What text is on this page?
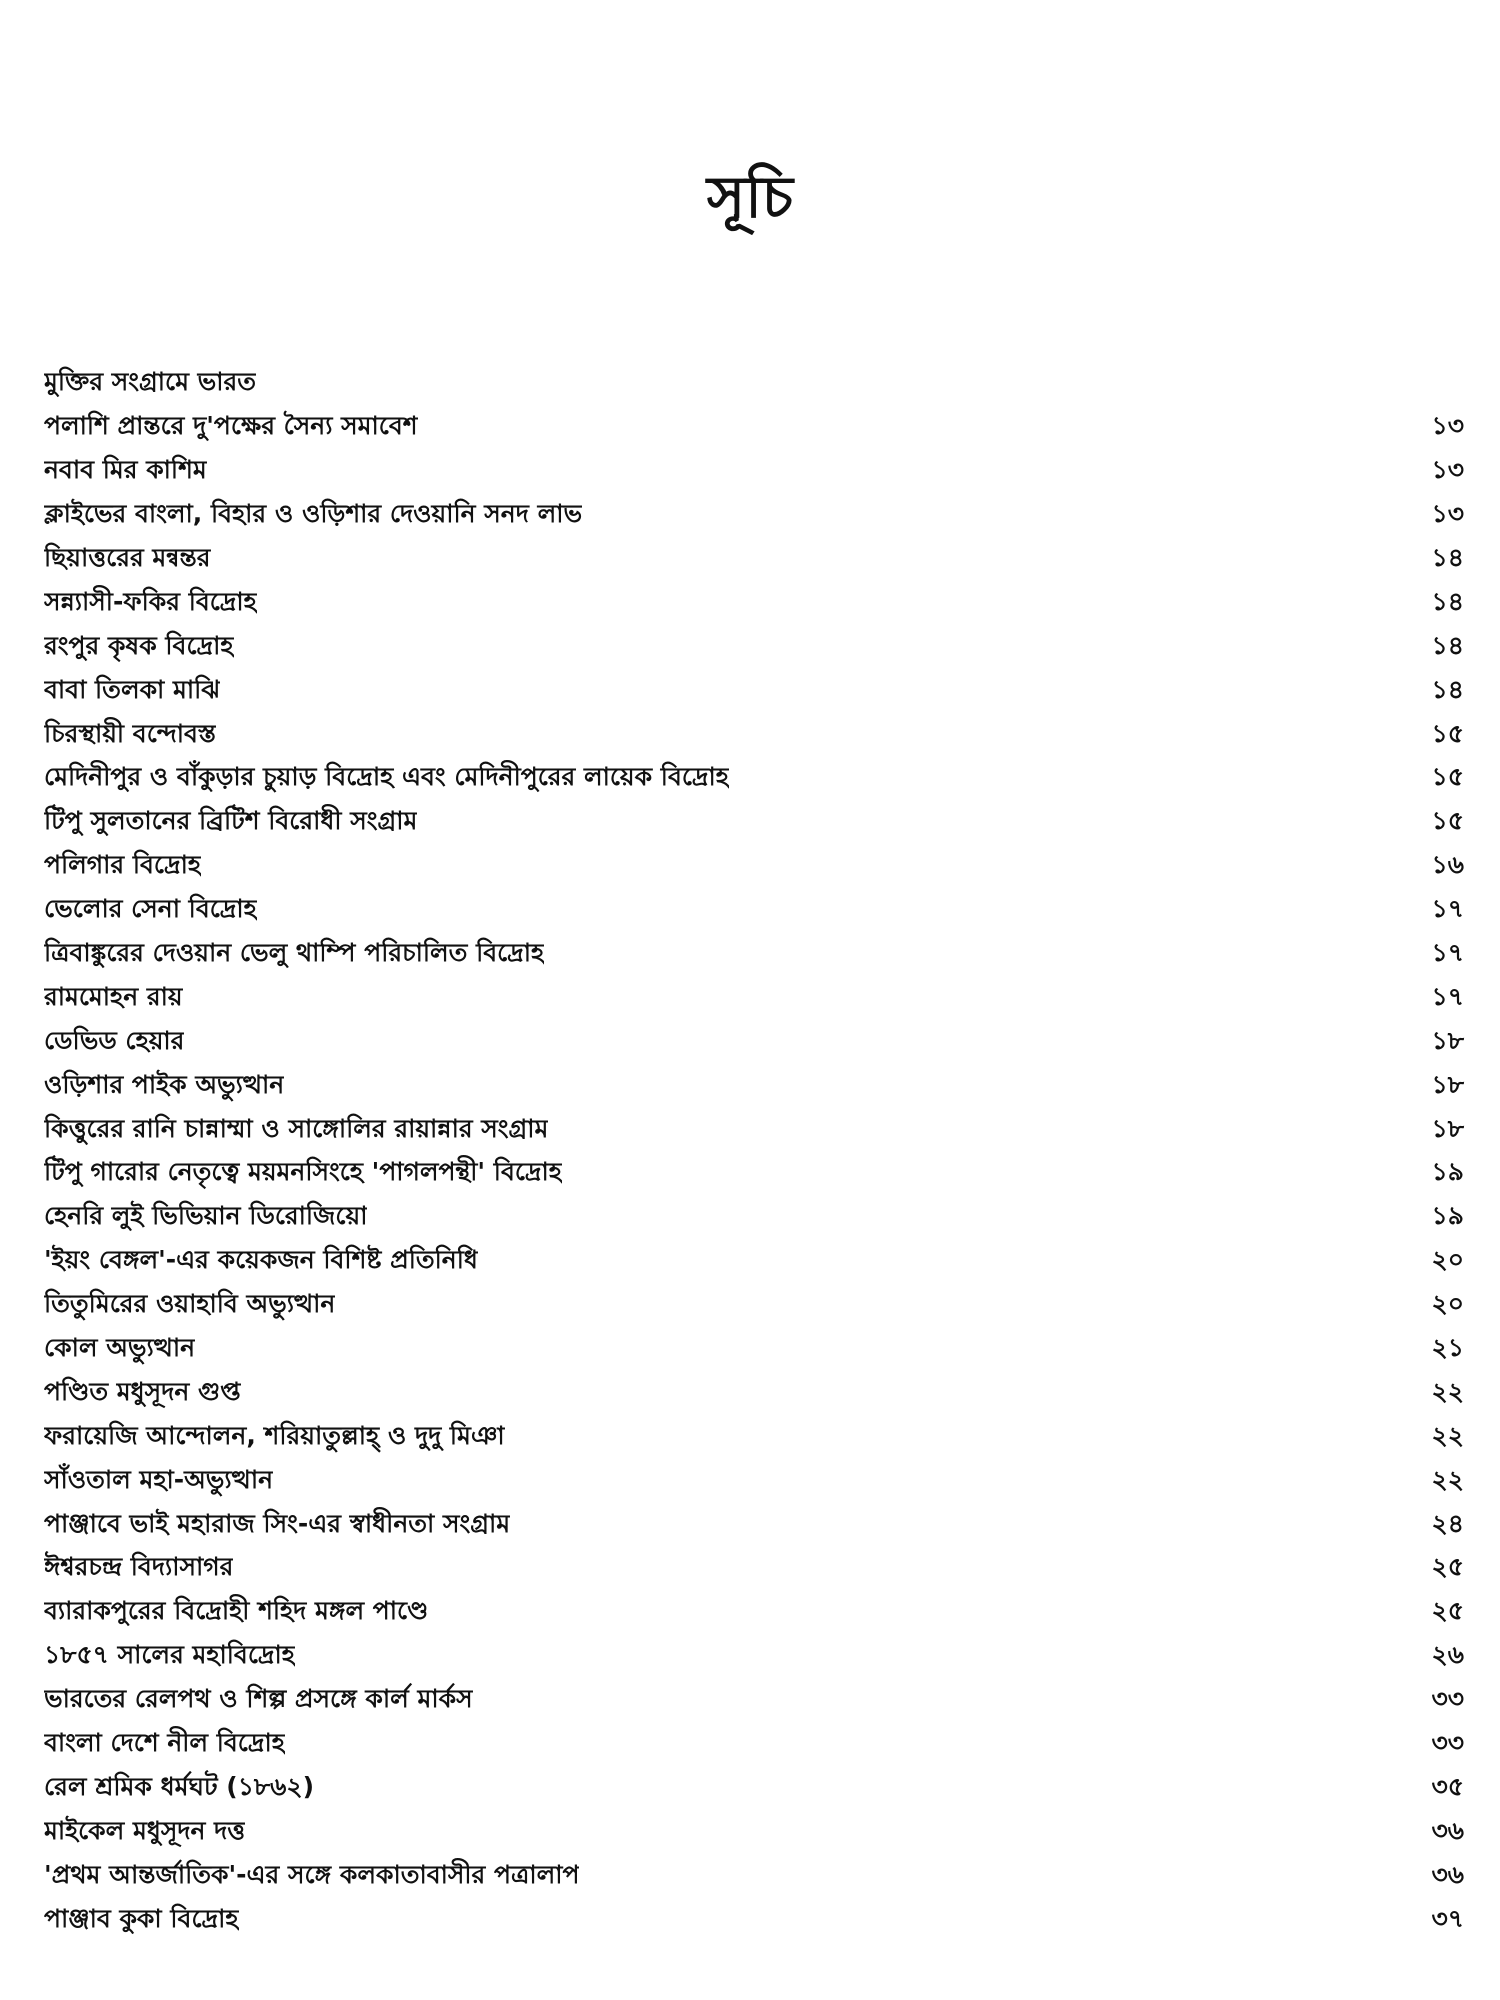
সূচি
মুক্তির সংগ্রামে ভারত
পলাশি প্রান্তরে দু'পক্ষের সৈন্য সমাবেশ	১৩
নবাব মির কাশিম	১৩
ক্লাইভের বাংলা, বিহার ও ওড়িশার দেওয়ানি সনদ লাভ	১৩
ছিয়াত্তরের মন্বন্তর	১৪
সন্ন্যাসী-ফকির বিদ্রোহ	১৪
রংপুর কৃষক বিদ্রোহ	১৪
বাবা তিলকা মাঝি	১৪
চিরস্থায়ী বন্দোবস্ত	১৫
মেদিনীপুর ও বাঁকুড়ার চুয়াড় বিদ্রোহ এবং মেদিনীপুরের লায়েক বিদ্রোহ	১৫
টিপু সুলতানের ব্রিটিশ বিরোধী সংগ্রাম	১৫
পলিগার বিদ্রোহ	১৬
ভেলোর সেনা বিদ্রোহ	১৭
ত্রিবাঙ্কুরের দেওয়ান ভেলু থাম্পি পরিচালিত বিদ্রোহ	১৭
রামমোহন রায়	১৭
ডেভিড হেয়ার	১৮
ওড়িশার পাইক অভ্যুত্থান	১৮
কিত্তুরের রানি চান্নাম্মা ও সাঙ্গোলির রায়ান্নার সংগ্রাম	১৮
টিপু গারোর নেতৃত্বে ময়মনসিংহে 'পাগলপন্থী' বিদ্রোহ	১৯
হেনরি লুই ভিভিয়ান ডিরোজিয়ো	১৯
'ইয়ং বেঙ্গল'-এর কয়েকজন বিশিষ্ট প্রতিনিধি	২০
তিতুমিরের ওয়াহাবি অভ্যুত্থান	২০
কোল অভ্যুত্থান	২১
পণ্ডিত মধুসূদন গুপ্ত	২২
ফরায়েজি আন্দোলন, শরিয়াতুল্লাহ্ ও দুদু মিঞা	২২
সাঁওতাল মহা-অভ্যুত্থান	২২
পাঞ্জাবে ভাই মহারাজ সিং-এর স্বাধীনতা সংগ্রাম	২৪
ঈশ্বরচন্দ্র বিদ্যাসাগর	২৫
ব্যারাকপুরের বিদ্রোহী শহিদ মঙ্গল পাণ্ডে	২৫
১৮৫৭ সালের মহাবিদ্রোহ	২৬
ভারতের রেলপথ ও শিল্প প্রসঙ্গে কার্ল মার্কস	৩৩
বাংলা দেশে নীল বিদ্রোহ	৩৩
রেল শ্রমিক ধর্মঘট (১৮৬২)	৩৫
মাইকেল মধুসূদন দত্ত	৩৬
'প্রথম আন্তর্জাতিক'-এর সঙ্গে কলকাতাবাসীর পত্রালাপ	৩৬
পাঞ্জাব কুকা বিদ্রোহ	৩৭
